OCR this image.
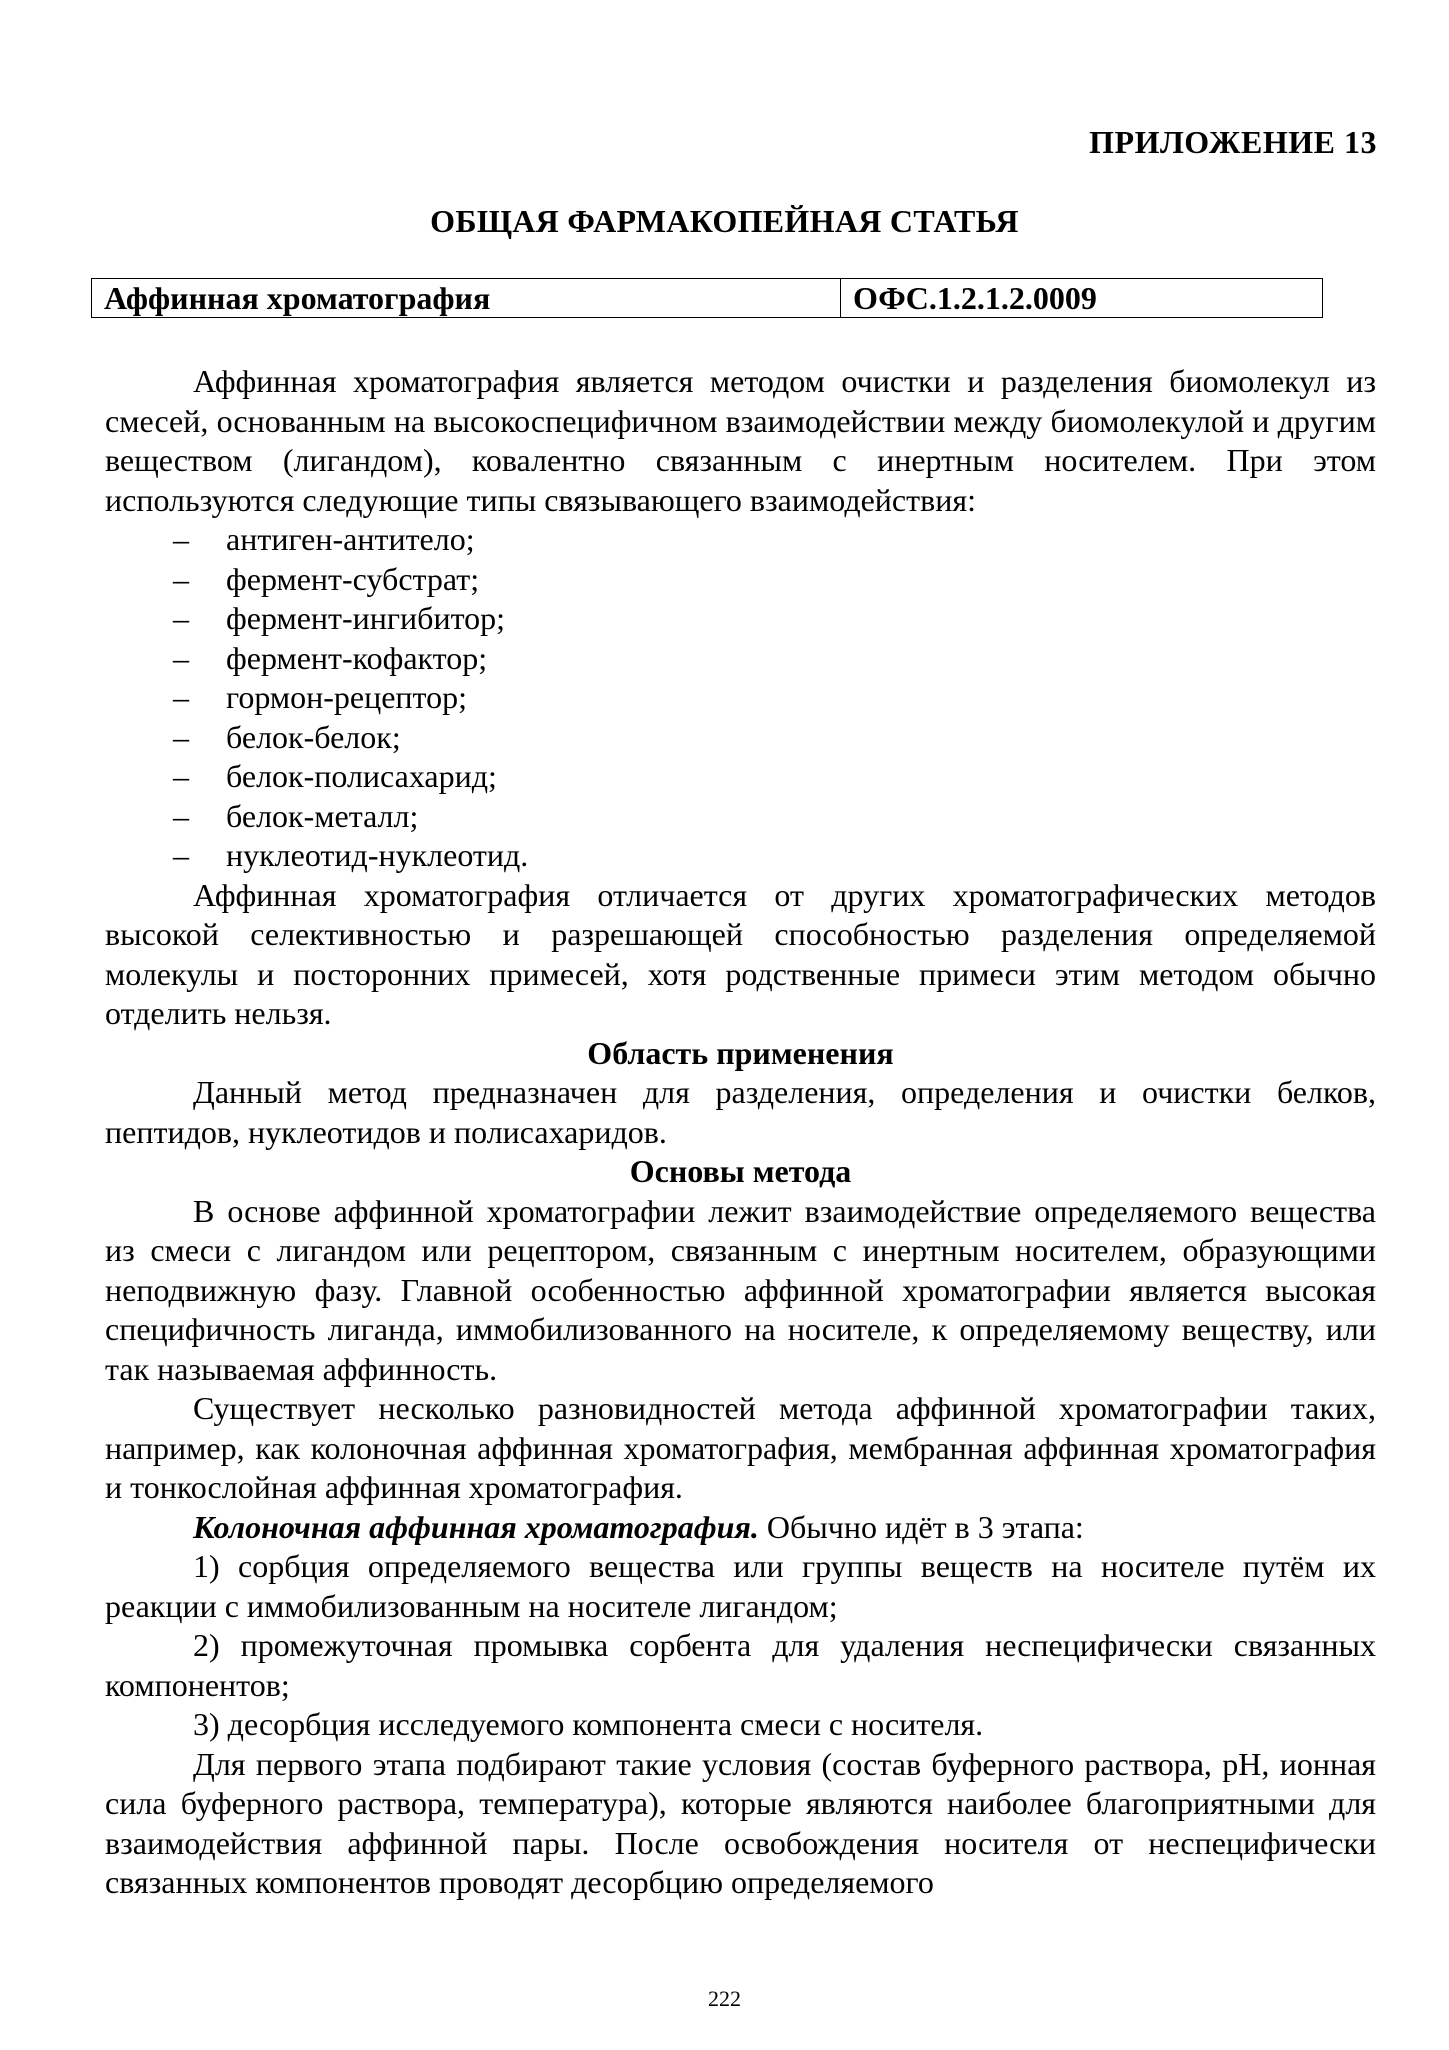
ПРИЛОЖЕНИЕ 13
ОБЩАЯ ФАРМАКОПЕЙНАЯ СТАТЬЯ
Аффинная хроматография	ОФС.1.2.1.2.0009

Аффинная хроматография является методом очистки и разделения биомолекул из смесей, основанным на высокоспецифичном взаимодействии между биомолекулой и другим веществом (лигандом), ковалентно связанным с инертным носителем. При этом используются следующие типы связывающего взаимодействия:

– антиген-антитело;
– фермент-субстрат;
– фермент-ингибитор;
– фермент-кофактор;
– гормон-рецептор;
– белок-белок;
– белок-полисахарид;
– белок-металл;
– нуклеотид-нуклеотид.

Аффинная хроматография отличается от других хроматографических методов высокой селективностью и разрешающей способностью разделения определяемой молекулы и посторонних примесей, хотя родственные примеси этим методом обычно отделить нельзя.

Область применения

Данный метод предназначен для разделения, определения и очистки белков, пептидов, нуклеотидов и полисахаридов.

Основы метода

В основе аффинной хроматографии лежит взаимодействие определяемого вещества из смеси с лигандом или рецептором, связанным с инертным носителем, образующими неподвижную фазу. Главной особенностью аффинной хроматографии является высокая специфичность лиганда, иммобилизованного на носителе, к определяемому веществу, или так называемая аффинность.

Существует несколько разновидностей метода аффинной хроматографии таких, например, как колоночная аффинная хроматография, мембранная аффинная хроматография и тонкослойная аффинная хроматография.

Колоночная аффинная хроматография. Обычно идёт в 3 этапа:

1) сорбция определяемого вещества или группы веществ на носителе путём их реакции с иммобилизованным на носителе лигандом;

2) промежуточная промывка сорбента для удаления неспецифически связанных компонентов;

3) десорбция исследуемого компонента смеси с носителя.

Для первого этапа подбирают такие условия (состав буферного раствора, pH, ионная сила буферного раствора, температура), которые являются наиболее благоприятными для взаимодействия аффинной пары. После освобождения носителя от неспецифически связанных компонентов проводят десорбцию определяемого

222
